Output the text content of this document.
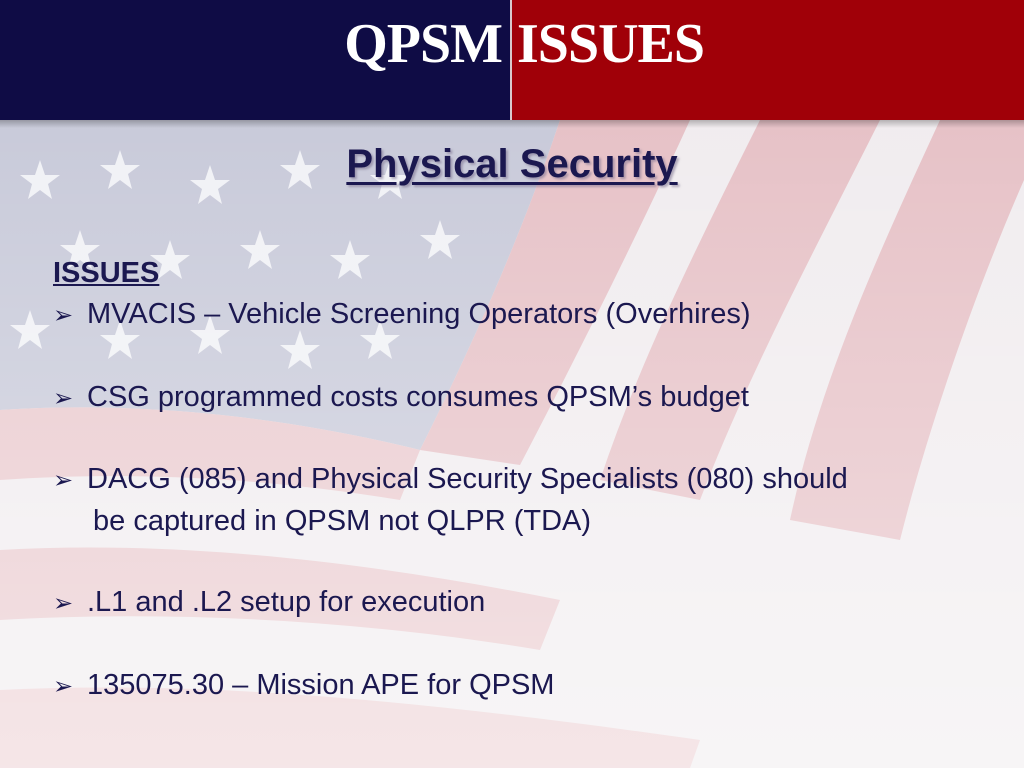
QPSM ISSUES
Physical Security
ISSUES
➢ MVACIS – Vehicle Screening Operators (Overhires)
➢ CSG programmed costs consumes QPSM’s budget
➢ DACG (085) and Physical Security Specialists (080) should
be captured in QPSM not QLPR (TDA)
➢ .L1 and .L2 setup for execution
➢ 135075.30 – Mission APE for QPSM
